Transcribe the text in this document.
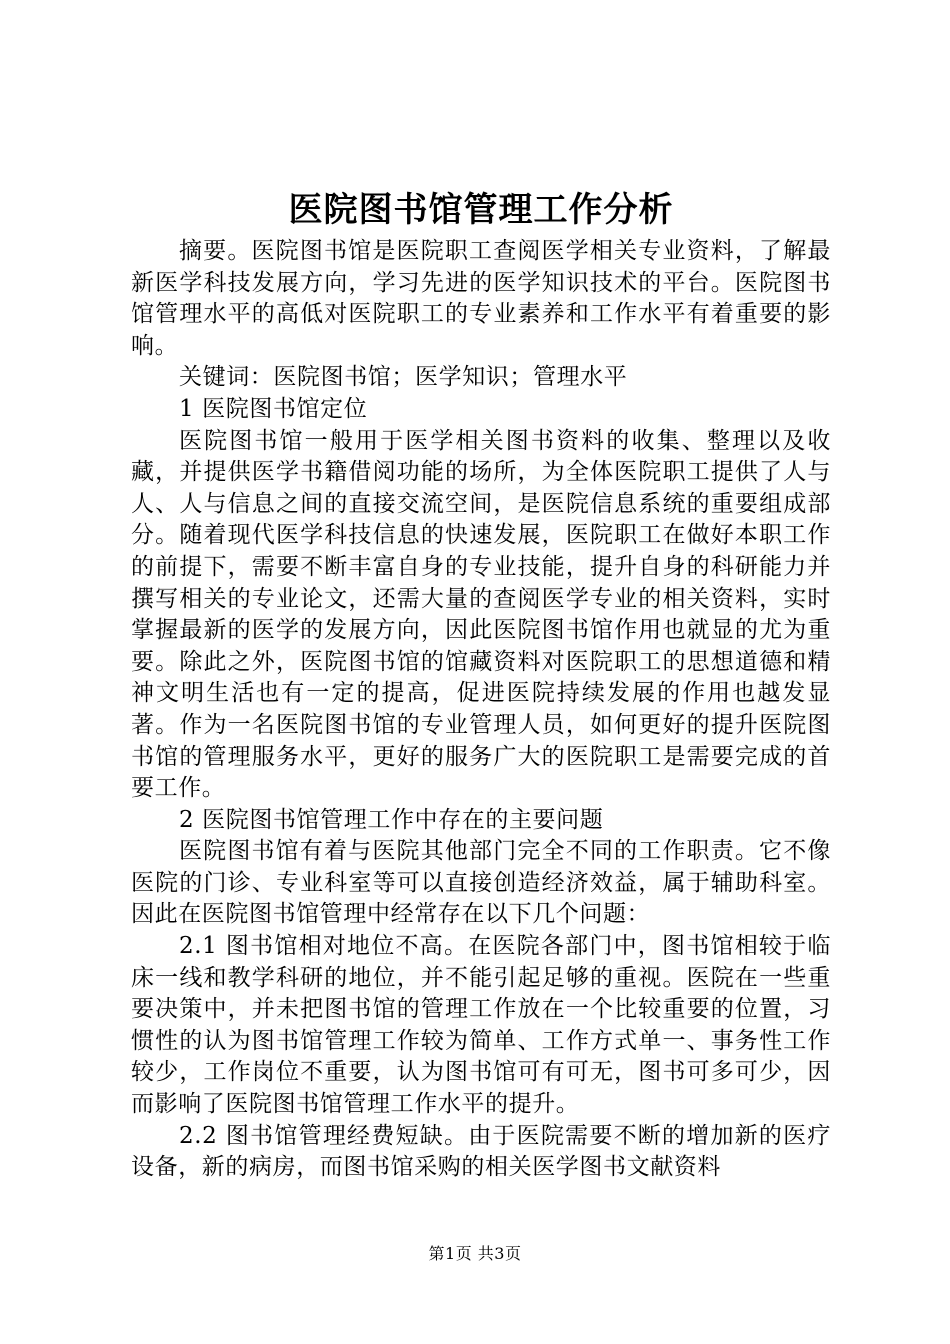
医院图书馆管理工作分析

摘要。医院图书馆是医院职工查阅医学相关专业资料，了解最新医学科技发展方向，学习先进的医学知识技术的平台。医院图书馆管理水平的高低对医院职工的专业素养和工作水平有着重要的影响。

关键词：医院图书馆；医学知识；管理水平

1 医院图书馆定位

医院图书馆一般用于医学相关图书资料的收集、整理以及收藏，并提供医学书籍借阅功能的场所，为全体医院职工提供了人与人、人与信息之间的直接交流空间，是医院信息系统的重要组成部分。随着现代医学科技信息的快速发展，医院职工在做好本职工作的前提下，需要不断丰富自身的专业技能，提升自身的科研能力并撰写相关的专业论文，还需大量的查阅医学专业的相关资料，实时掌握最新的医学的发展方向，因此医院图书馆作用也就显的尤为重要。除此之外，医院图书馆的馆藏资料对医院职工的思想道德和精神文明生活也有一定的提高，促进医院持续发展的作用也越发显著。作为一名医院图书馆的专业管理人员，如何更好的提升医院图书馆的管理服务水平，更好的服务广大的医院职工是需要完成的首要工作。

2 医院图书馆管理工作中存在的主要问题

医院图书馆有着与医院其他部门完全不同的工作职责。它不像医院的门诊、专业科室等可以直接创造经济效益，属于辅助科室。因此在医院图书馆管理中经常存在以下几个问题：

2.1 图书馆相对地位不高。在医院各部门中，图书馆相较于临床一线和教学科研的地位，并不能引起足够的重视。医院在一些重要决策中，并未把图书馆的管理工作放在一个比较重要的位置，习惯性的认为图书馆管理工作较为简单、工作方式单一、事务性工作较少，工作岗位不重要，认为图书馆可有可无，图书可多可少，因而影响了医院图书馆管理工作水平的提升。

2.2 图书馆管理经费短缺。由于医院需要不断的增加新的医疗设备，新的病房，而图书馆采购的相关医学图书文献资料

第1页 共3页
